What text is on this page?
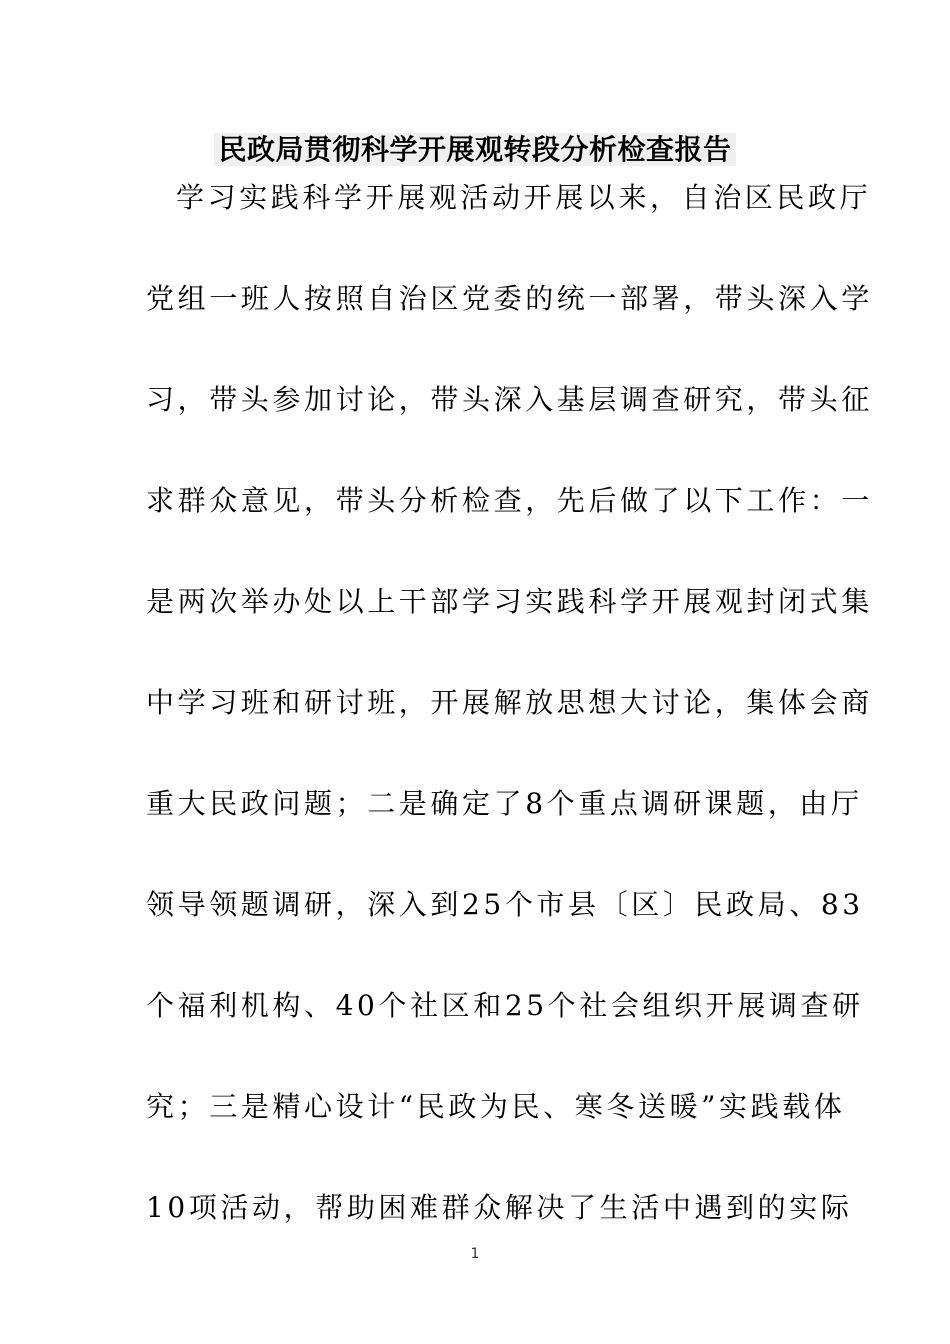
民政局贯彻科学开展观转段分析检查报告
学习实践科学开展观活动开展以来，自治区民政厅
党组一班人按照自治区党委的统一部署，带头深入学
习，带头参加讨论，带头深入基层调查研究，带头征
求群众意见，带头分析检查，先后做了以下工作：一
是两次举办处以上干部学习实践科学开展观封闭式集
中学习班和研讨班，开展解放思想大讨论，集体会商
重大民政问题；二是确定了8个重点调研课题，由厅
领导领题调研，深入到25个市县〔区〕民政局、83
个福利机构、40个社区和25个社会组织开展调查研
究；三是精心设计“民政为民、寒冬送暖”实践载体
10项活动，帮助困难群众解决了生活中遇到的实际
1
